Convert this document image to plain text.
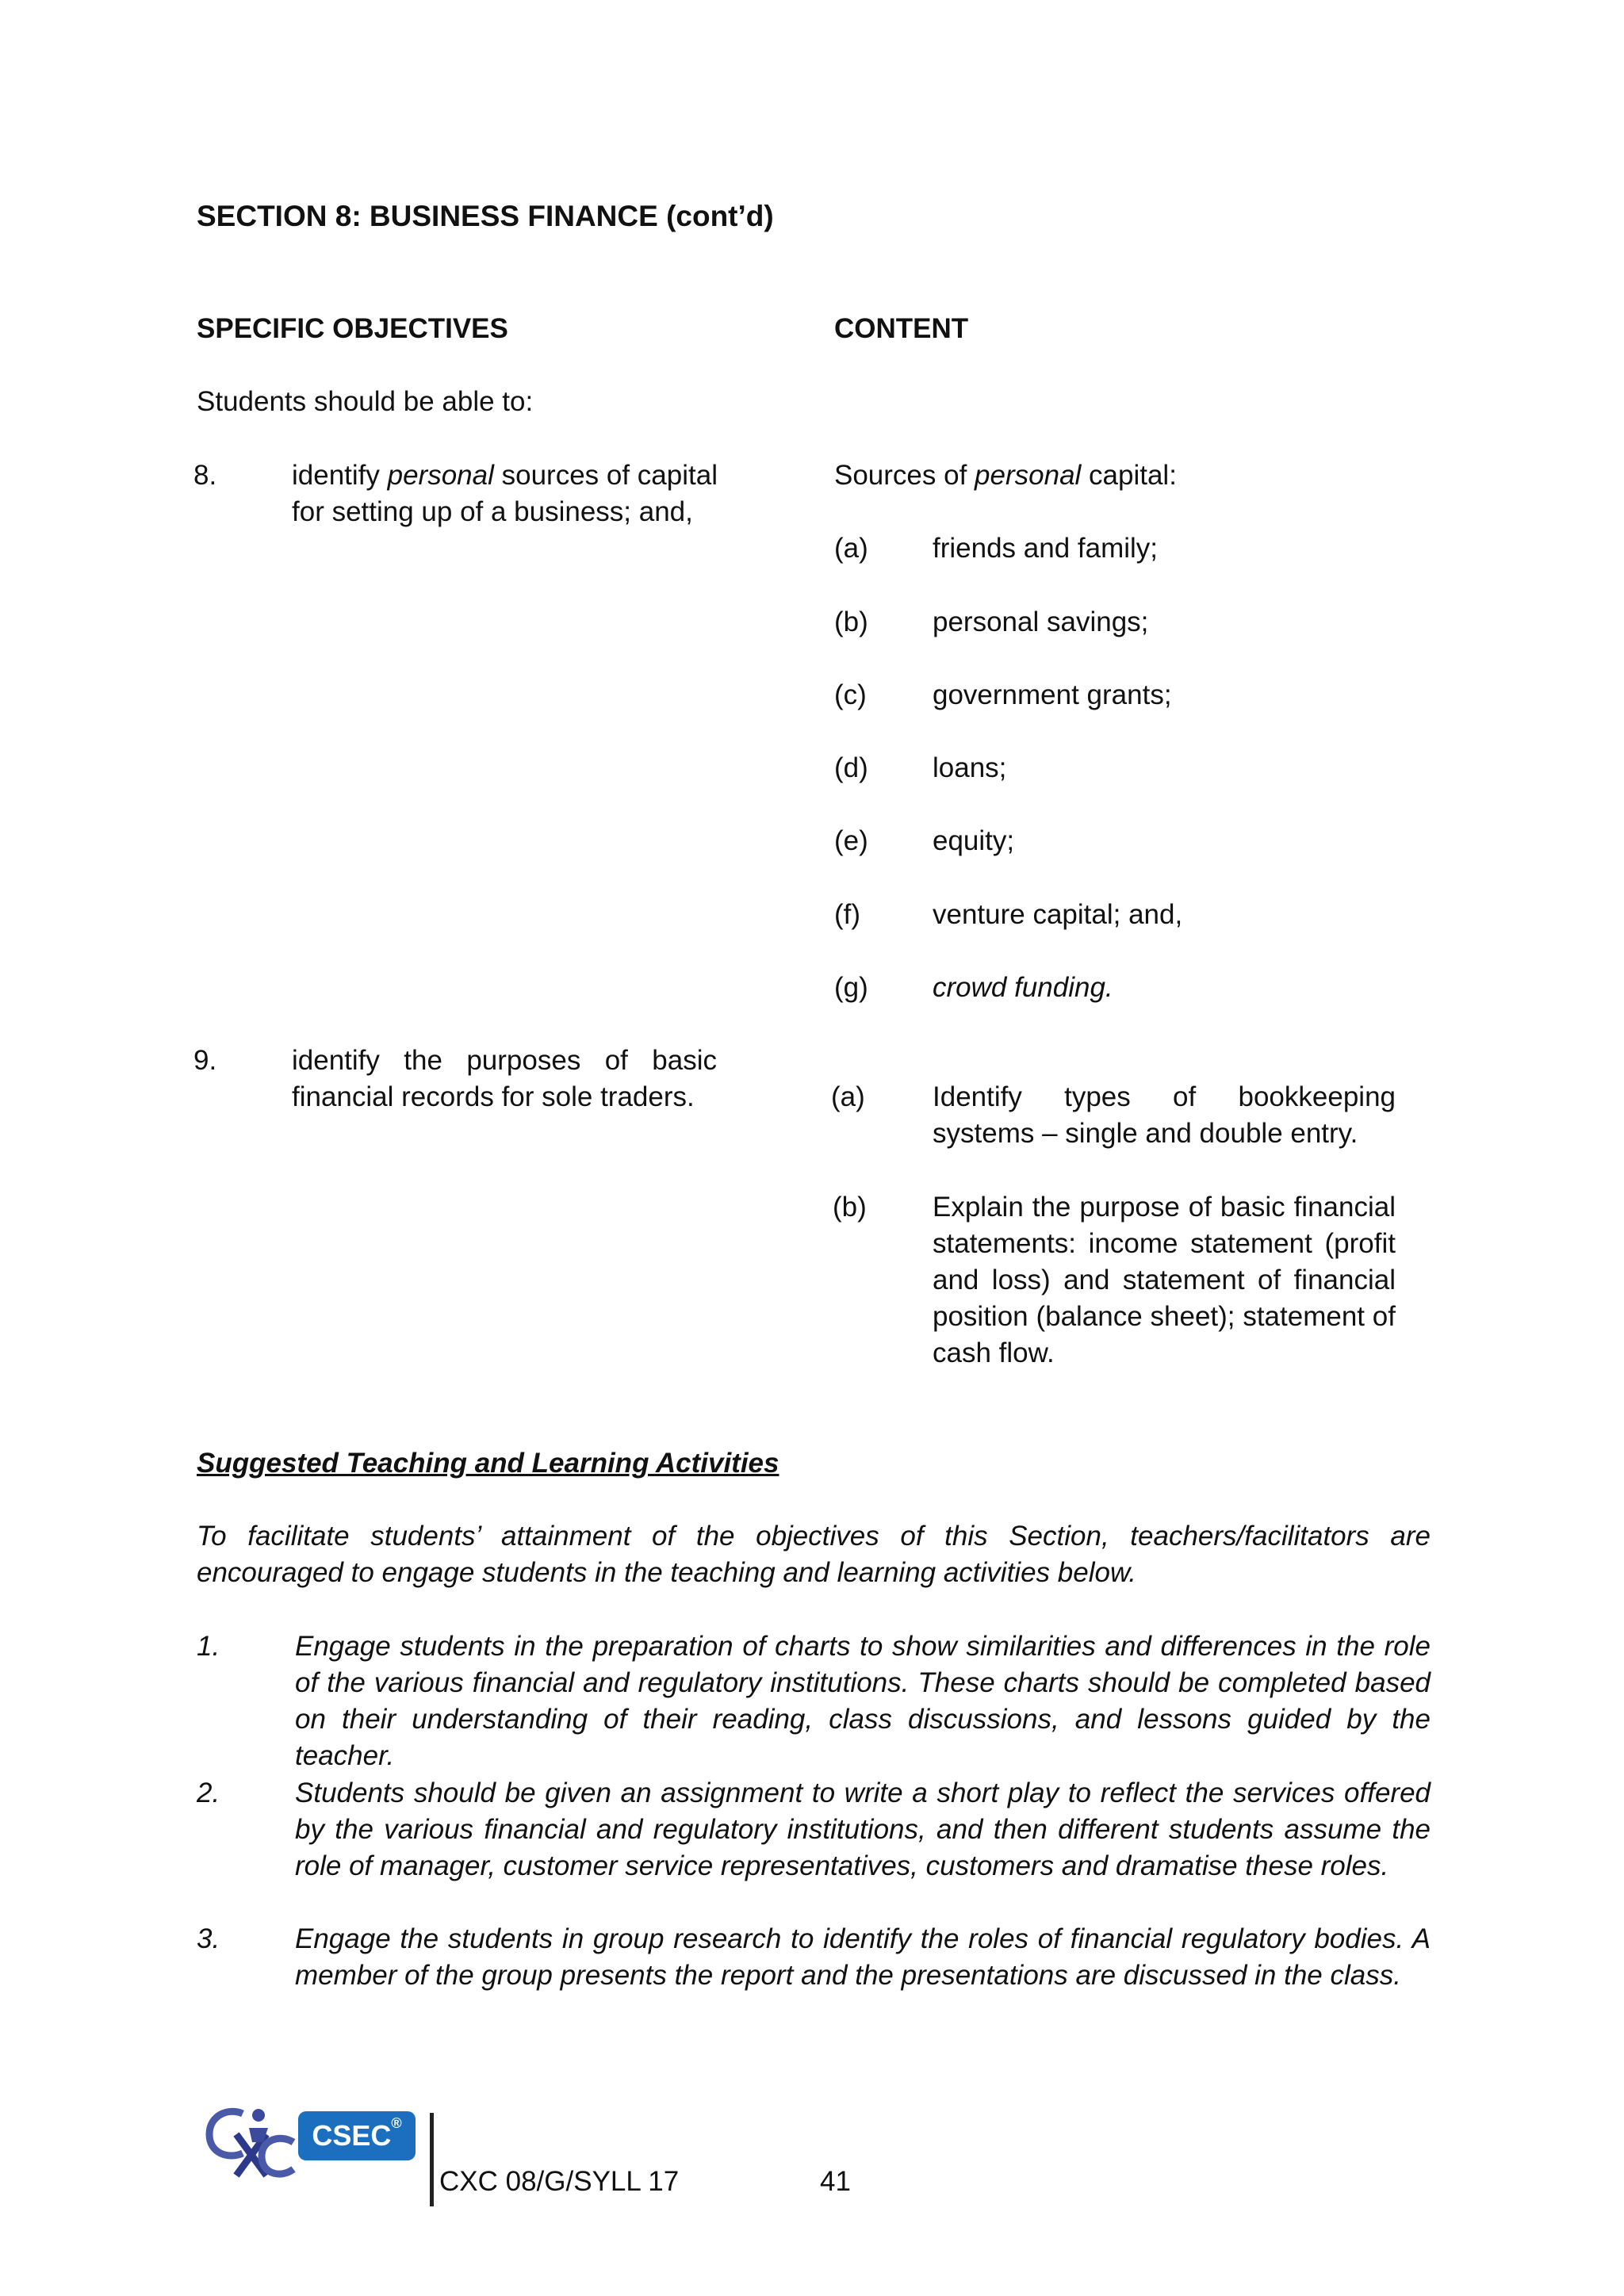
SECTION 8: BUSINESS FINANCE (cont’d)
SPECIFIC OBJECTIVES	CONTENT
Students should be able to:
8.	identify personal sources of capital
for setting up of a business; and,
Sources of personal capital:
(a) friends and family;
(b) personal savings;
(c) government grants;
(d) loans;
(e) equity;
(f)	venture capital; and,
(g) crowd funding.
9.	identify the purposes of basic
financial records for sole traders.	(a) Identify types of bookkeeping systems – single and double entry.
(b) Explain the purpose of basic financial statements: income statement (profit and loss) and statement of financial position (balance sheet); statement of cash flow.
Suggested Teaching and Learning Activities
To facilitate students’ attainment of the objectives of this Section, teachers/facilitators are encouraged to engage students in the teaching and learning activities below.
1.	Engage students in the preparation of charts to show similarities and differences in the role of the various financial and regulatory institutions. These charts should be completed based on their understanding of their reading, class discussions, and lessons guided by the teacher.
2.	Students should be given an assignment to write a short play to reflect the services offered by the various financial and regulatory institutions, and then different students assume the role of manager, customer service representatives, customers and dramatise these roles.
3.	Engage the students in group research to identify the roles of financial regulatory bodies. A member of the group presents the report and the presentations are discussed in the class.
CSEC®
CXC 08/G/SYLL 17	41
